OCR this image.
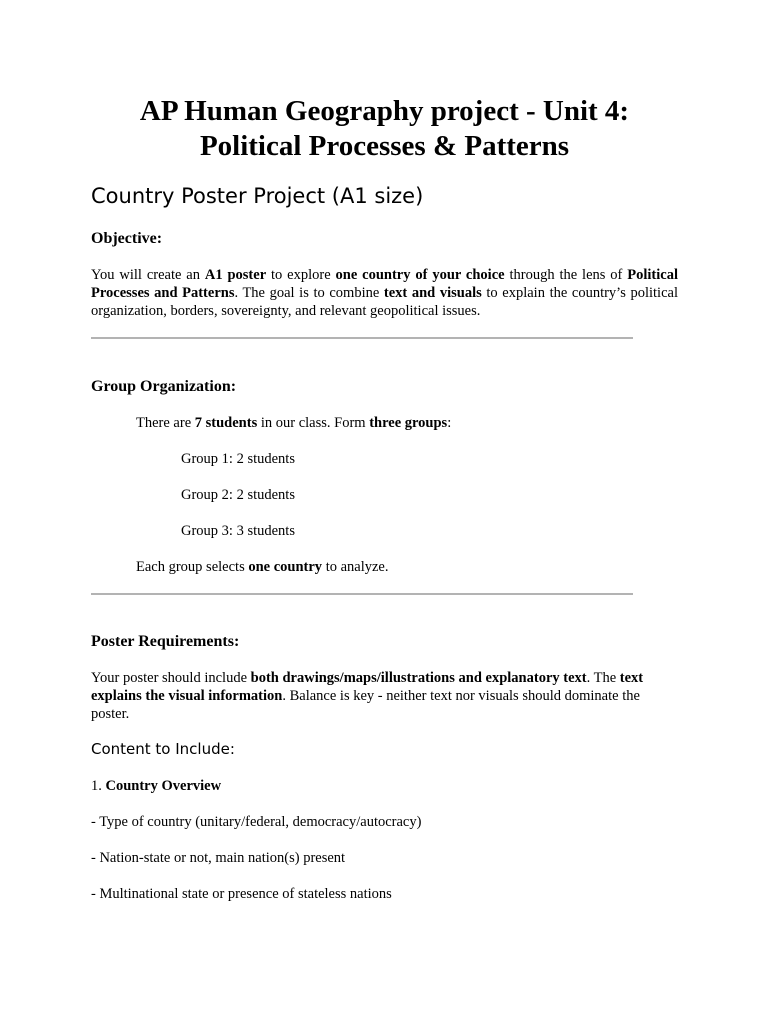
AP Human Geography project - Unit 4:
Political Processes & Patterns
Country Poster Project (A1 size)
Objective:

You will create an A1 poster to explore one country of your choice through the lens of Political Processes and Patterns. The goal is to combine text and visuals to explain the country’s political organization, borders, sovereignty, and relevant geopolitical issues.

Group Organization:

There are 7 students in our class. Form three groups:

Group 1: 2 students

Group 2: 2 students

Group 3: 3 students

Each group selects one country to analyze.

Poster Requirements:

Your poster should include both drawings/maps/illustrations and explanatory text. The text explains the visual information. Balance is key - neither text nor visuals should dominate the poster.

Content to Include:

1. Country Overview

- Type of country (unitary/federal, democracy/autocracy)

- Nation-state or not, main nation(s) present

- Multinational state or presence of stateless nations
